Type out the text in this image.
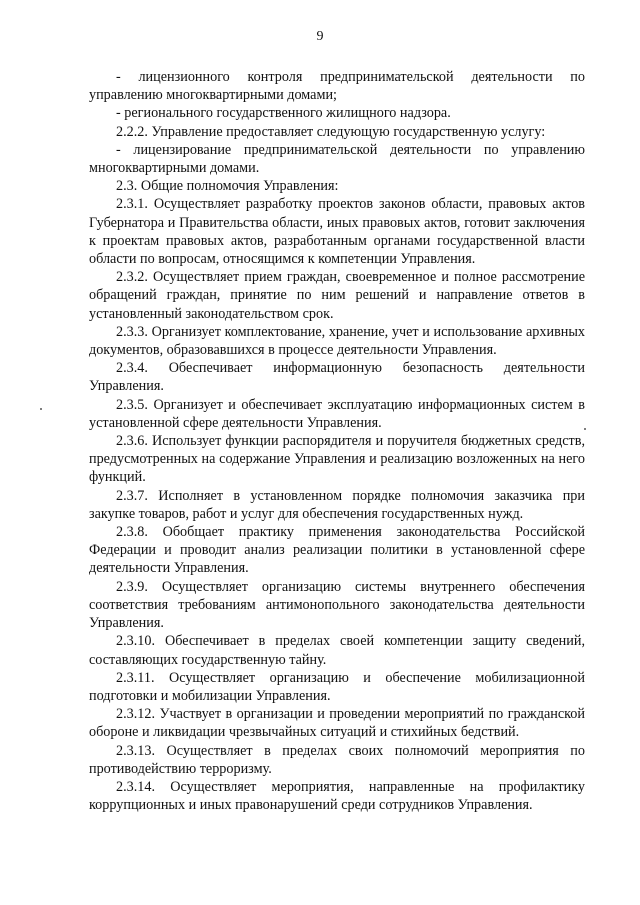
9

- лицензионного контроля предпринимательской деятельности по управлению многоквартирными домами;

- регионального государственного жилищного надзора.

2.2.2. Управление предоставляет следующую государственную услугу:

- лицензирование предпринимательской деятельности по управлению многоквартирными домами.

2.3. Общие полномочия Управления:

2.3.1. Осуществляет разработку проектов законов области, правовых актов Губернатора и Правительства области, иных правовых актов, готовит заключения к проектам правовых актов, разработанным органами государственной власти области по вопросам, относящимся к компетенции Управления.

2.3.2. Осуществляет прием граждан, своевременное и полное рассмотрение обращений граждан, принятие по ним решений и направление ответов в установленный законодательством срок.

2.3.3. Организует комплектование, хранение, учет и использование архивных документов, образовавшихся в процессе деятельности Управления.

2.3.4. Обеспечивает информационную безопасность деятельности Управления.

2.3.5. Организует и обеспечивает эксплуатацию информационных систем в установленной сфере деятельности Управления.

2.3.6. Использует функции распорядителя и поручителя бюджетных средств, предусмотренных на содержание Управления и реализацию возложенных на него функций.

2.3.7. Исполняет в установленном порядке полномочия заказчика при закупке товаров, работ и услуг для обеспечения государственных нужд.

2.3.8. Обобщает практику применения законодательства Российской Федерации и проводит анализ реализации политики в установленной сфере деятельности Управления.

2.3.9. Осуществляет организацию системы внутреннего обеспечения соответствия требованиям антимонопольного законодательства деятельности Управления.

2.3.10. Обеспечивает в пределах своей компетенции защиту сведений, составляющих государственную тайну.

2.3.11. Осуществляет организацию и обеспечение мобилизационной подготовки и мобилизации Управления.

2.3.12. Участвует в организации и проведении мероприятий по гражданской обороне и ликвидации чрезвычайных ситуаций и стихийных бедствий.

2.3.13. Осуществляет в пределах своих полномочий мероприятия по противодействию терроризму.

2.3.14. Осуществляет мероприятия, направленные на профилактику коррупционных и иных правонарушений среди сотрудников Управления.
